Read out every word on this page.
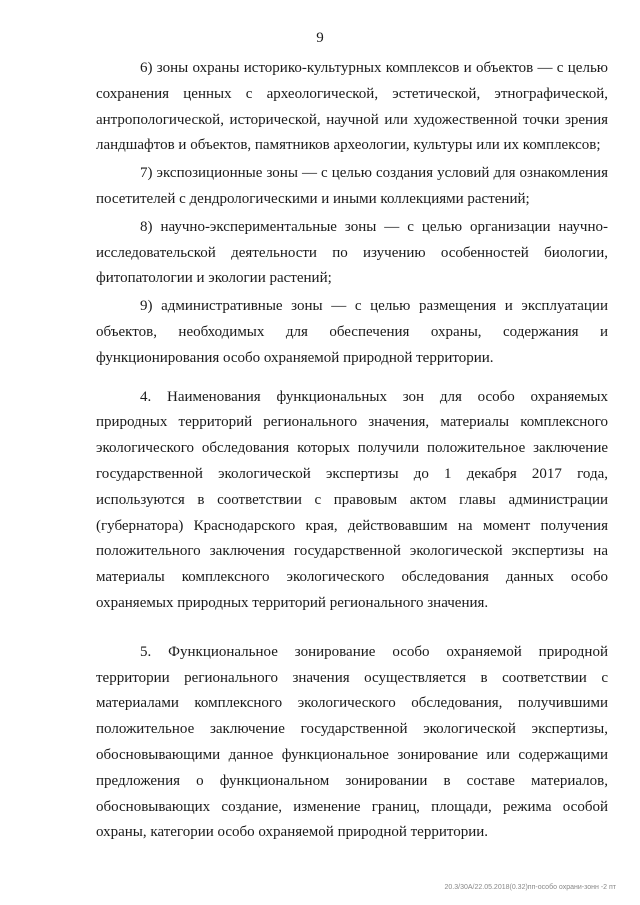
9

6) зоны охраны историко-культурных комплексов и объектов — с целью сохранения ценных с археологической, эстетической, этнографической, антропологической, исторической, научной или художественной точки зрения ландшафтов и объектов, памятников археологии, культуры или их комплексов;

7) экспозиционные зоны — с целью создания условий для ознакомления посетителей с дендрологическими и иными коллекциями растений;

8) научно-экспериментальные зоны — с целью организации научно-исследовательской деятельности по изучению особенностей биологии, фитопатологии и экологии растений;

9) административные зоны — с целью размещения и эксплуатации объектов, необходимых для обеспечения охраны, содержания и функционирования особо охраняемой природной территории.

4. Наименования функциональных зон для особо охраняемых природных территорий регионального значения, материалы комплексного экологического обследования которых получили положительное заключение государственной экологической экспертизы до 1 декабря 2017 года, используются в соответствии с правовым актом главы администрации (губернатора) Краснодарского края, действовавшим на момент получения положительного заключения государственной экологической экспертизы на материалы комплексного экологического обследования данных особо охраняемых природных территорий регионального значения.

5. Функциональное зонирование особо охраняемой природной территории регионального значения осуществляется в соответствии с материалами комплексного экологического обследования, получившими положительное заключение государственной экологической экспертизы, обосновывающими данное функциональное зонирование или содержащими предложения о функциональном зонировании в составе материалов, обосновывающих создание, изменение границ, площади, режима особой охраны, категории особо охраняемой природной территории.

20.3/30А/22.05.2018(0.32)пп-особо охрани-зонн -2 пт
